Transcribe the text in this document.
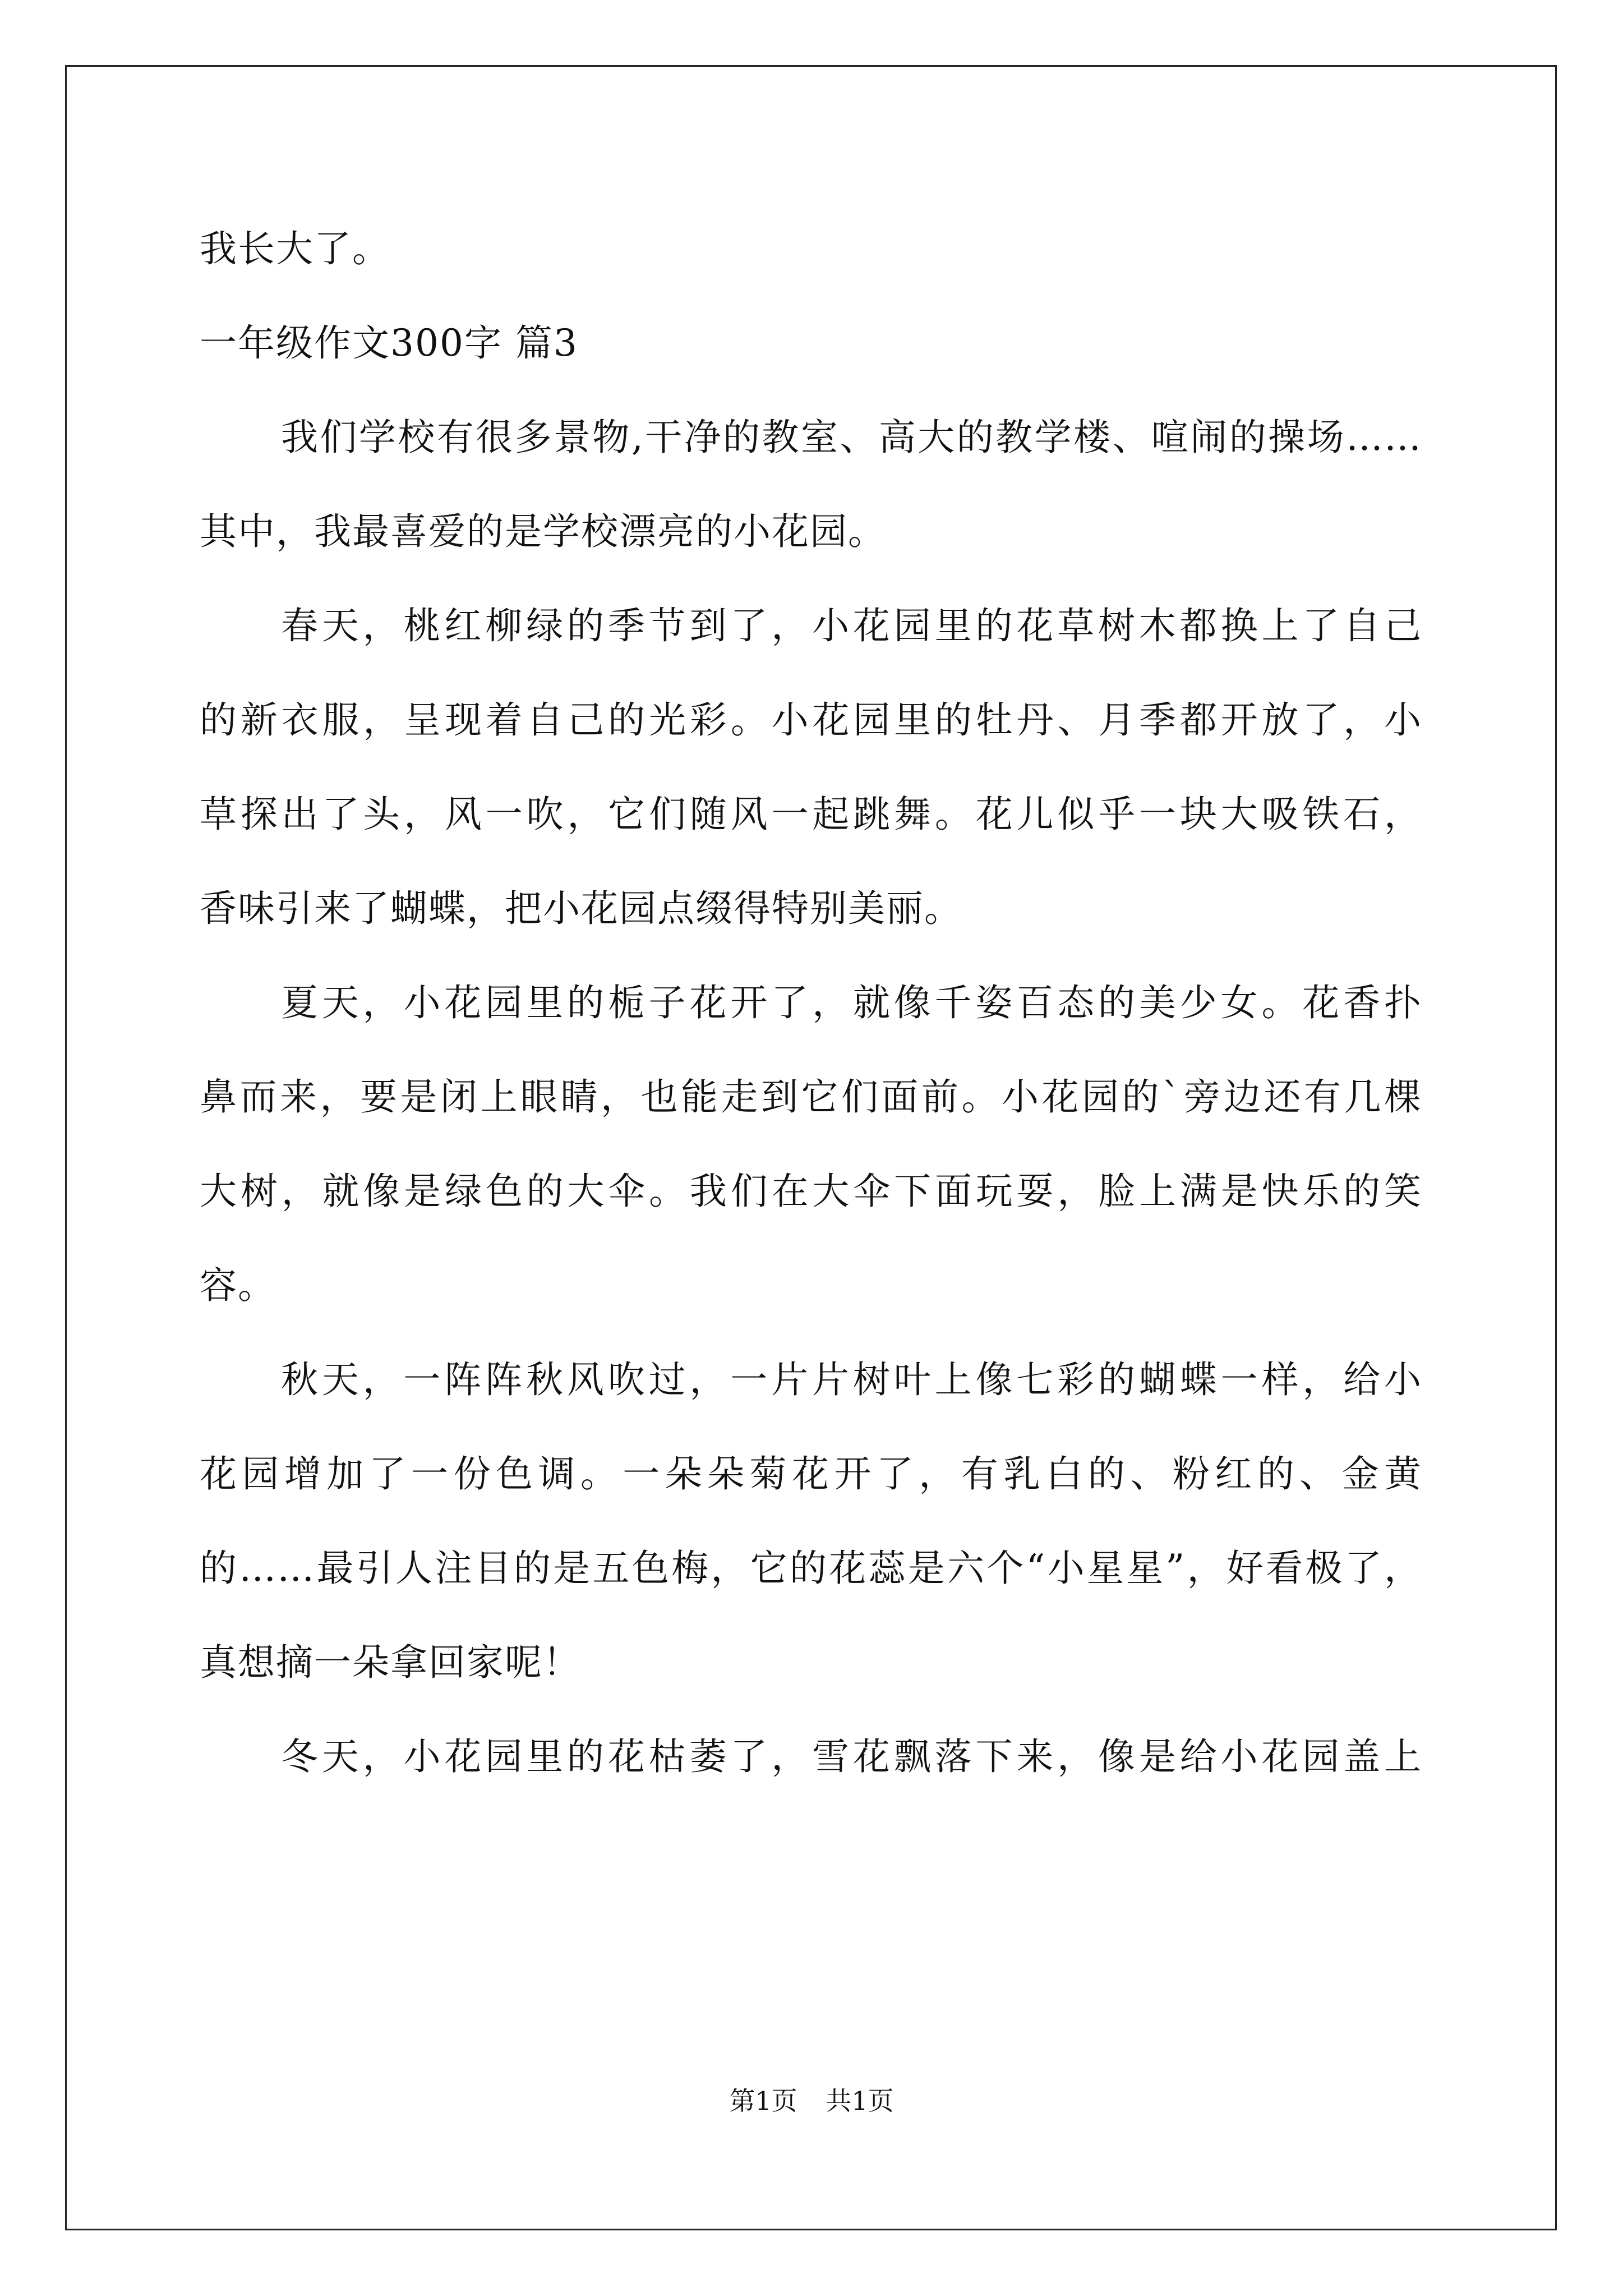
我长大了。
一年级作文300字 篇3
我们学校有很多景物,干净的教室、高大的教学楼、喧闹的操场……
其中，我最喜爱的是学校漂亮的小花园。
春天，桃红柳绿的季节到了，小花园里的花草树木都换上了自己
的新衣服，呈现着自己的光彩。小花园里的牡丹、月季都开放了，小
草探出了头，风一吹，它们随风一起跳舞。花儿似乎一块大吸铁石，
香味引来了蝴蝶，把小花园点缀得特别美丽。
夏天，小花园里的栀子花开了，就像千姿百态的美少女。花香扑
鼻而来，要是闭上眼睛，也能走到它们面前。小花园的`旁边还有几棵
大树，就像是绿色的大伞。我们在大伞下面玩耍，脸上满是快乐的笑
容。
秋天，一阵阵秋风吹过，一片片树叶上像七彩的蝴蝶一样，给小
花园增加了一份色调。一朵朵菊花开了，有乳白的、粉红的、金黄
的……最引人注目的是五色梅，它的花蕊是六个“小星星”，好看极了，
真想摘一朵拿回家呢！
冬天，小花园里的花枯萎了，雪花飘落下来，像是给小花园盖上
第1页 共1页
